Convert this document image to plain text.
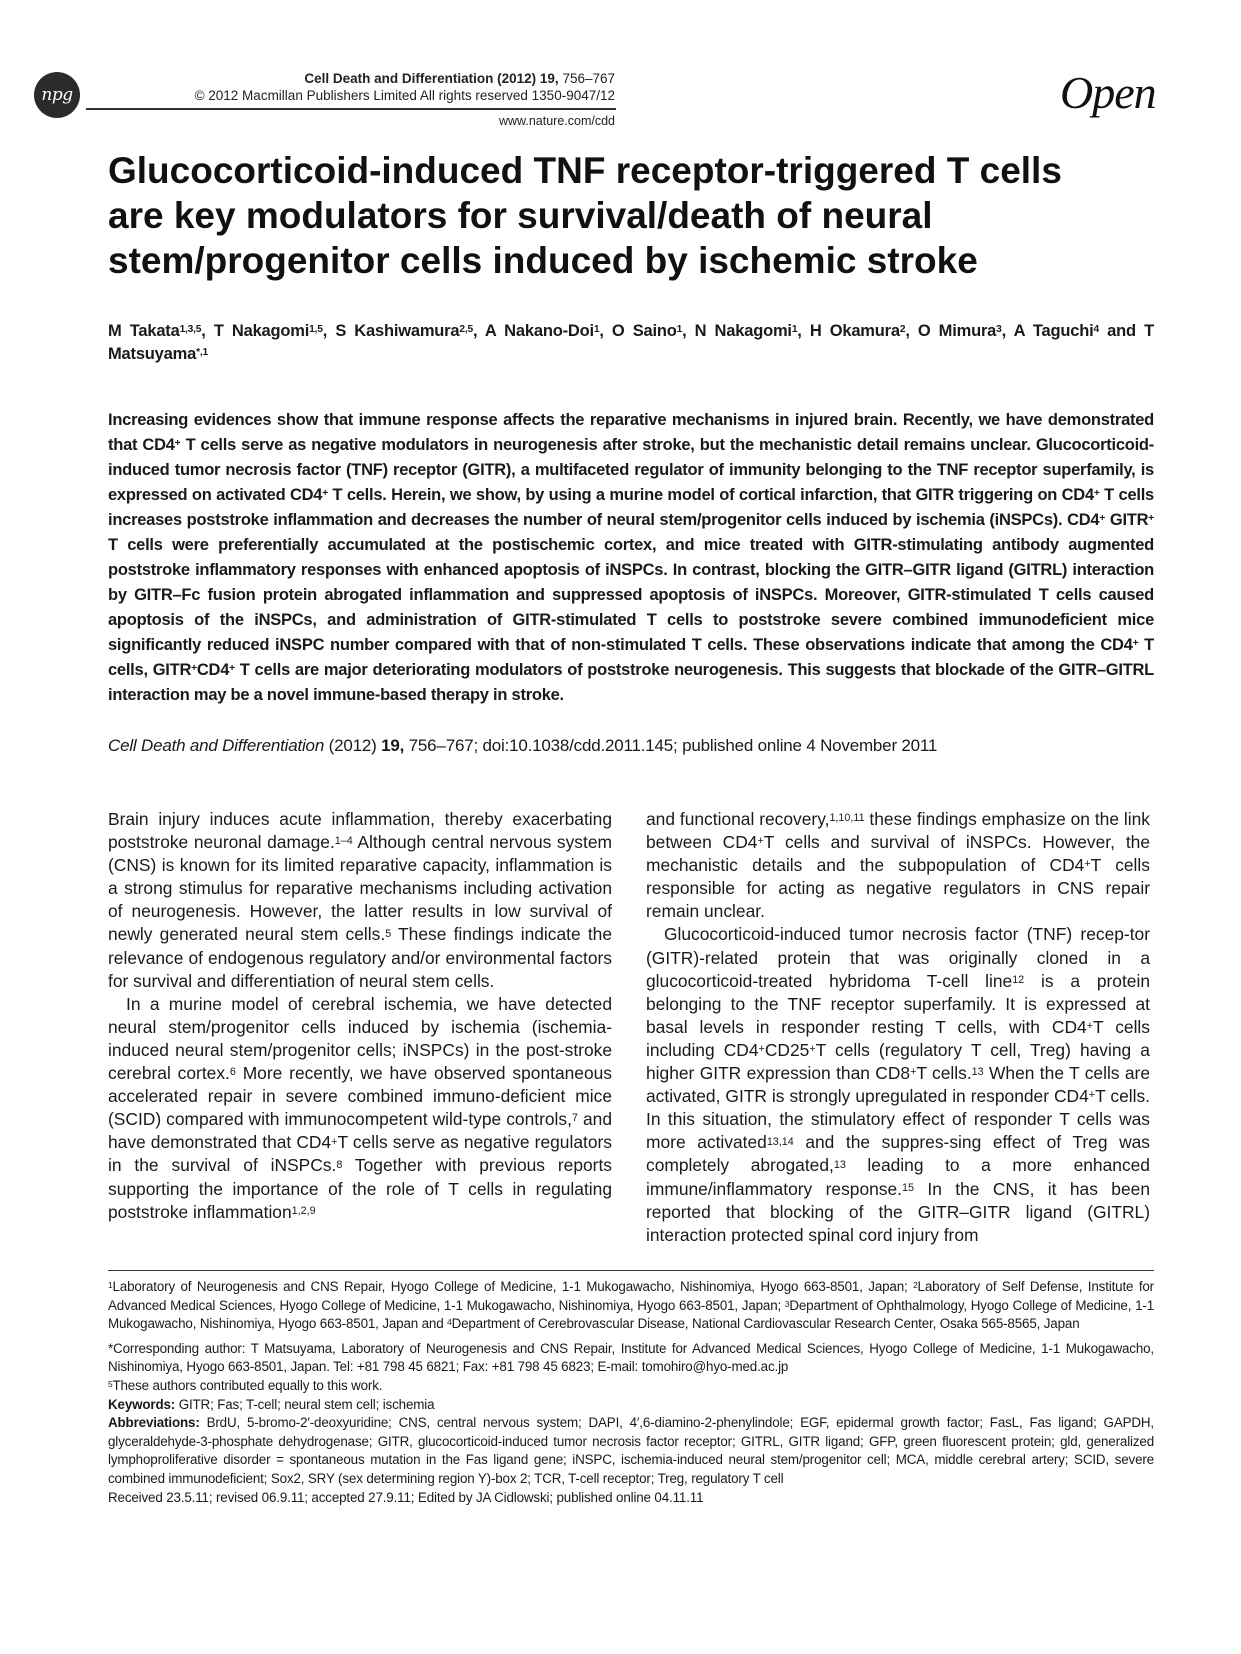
npg
Cell Death and Differentiation (2012) 19, 756–767
© 2012 Macmillan Publishers Limited All rights reserved 1350-9047/12
www.nature.com/cdd
Open
Glucocorticoid-induced TNF receptor-triggered T cells
are key modulators for survival/death of neural
stem/progenitor cells induced by ischemic stroke
M Takata$^{1,3,5}$, T Nakagomi$^{1,5}$, S Kashiwamura$^{2,5}$, A Nakano-Doi$^1$, O Saino$^1$, N Nakagomi$^1$, H Okamura$^2$, O Mimura$^3$, A Taguchi$^4$ and T Matsuyama$^{*,1}$

Increasing evidences show that immune response affects the reparative mechanisms in injured brain. Recently, we have demonstrated that CD4+ T cells serve as negative modulators in neurogenesis after stroke, but the mechanistic detail remains unclear. Glucocorticoid-induced tumor necrosis factor (TNF) receptor (GITR), a multifaceted regulator of immunity belonging to the TNF receptor superfamily, is expressed on activated CD4+ T cells. Herein, we show, by using a murine model of cortical infarction, that GITR triggering on CD4+ T cells increases poststroke inflammation and decreases the number of neural stem/progenitor cells induced by ischemia (iNSPCs). CD4+ GITR+ T cells were preferentially accumulated at the postischemic cortex, and mice treated with GITR-stimulating antibody augmented poststroke inflammatory responses with enhanced apoptosis of iNSPCs. In contrast, blocking the GITR–GITR ligand (GITRL) interaction by GITR–Fc fusion protein abrogated inflammation and suppressed apoptosis of iNSPCs. Moreover, GITR-stimulated T cells caused apoptosis of the iNSPCs, and administration of GITR-stimulated T cells to poststroke severe combined immunodeficient mice significantly reduced iNSPC number compared with that of non-stimulated T cells. These observations indicate that among the CD4+ T cells, GITR+CD4+ T cells are major deteriorating modulators of poststroke neurogenesis. This suggests that blockade of the GITR–GITRL interaction may be a novel immune-based therapy in stroke.

Cell Death and Differentiation (2012) 19, 756–767; doi:10.1038/cdd.2011.145; published online 4 November 2011

Brain injury induces acute inflammation, thereby exacerbating poststroke neuronal damage.$^{1-4}$ Although central nervous system (CNS) is known for its limited reparative capacity, inflammation is a strong stimulus for reparative mechanisms including activation of neurogenesis. However, the latter results in low survival of newly generated neural stem cells.$^5$ These findings indicate the relevance of endogenous regulatory and/or environmental factors for survival and differentiation of neural stem cells.

In a murine model of cerebral ischemia, we have detected neural stem/progenitor cells induced by ischemia (ischemia-induced neural stem/progenitor cells; iNSPCs) in the post-stroke cerebral cortex.$^6$ More recently, we have observed spontaneous accelerated repair in severe combined immuno-deficient mice (SCID) compared with immunocompetent wild-type controls,$^7$ and have demonstrated that CD4+T cells serve as negative regulators in the survival of iNSPCs.$^8$ Together with previous reports supporting the importance of the role of T cells in regulating poststroke inflammation$^{1,2,9}$

and functional recovery,$^{1,10,11}$ these findings emphasize on the link between CD4+T cells and survival of iNSPCs. However, the mechanistic details and the subpopulation of CD4+T cells responsible for acting as negative regulators in CNS repair remain unclear.

Glucocorticoid-induced tumor necrosis factor (TNF) recep-tor (GITR)-related protein that was originally cloned in a glucocorticoid-treated hybridoma T-cell line$^{12}$ is a protein belonging to the TNF receptor superfamily. It is expressed at basal levels in responder resting T cells, with CD4+T cells including CD4+CD25+T cells (regulatory T cell, Treg) having a higher GITR expression than CD8+T cells.$^{13}$ When the T cells are activated, GITR is strongly upregulated in responder CD4+T cells. In this situation, the stimulatory effect of responder T cells was more activated$^{13,14}$ and the suppres-sing effect of Treg was completely abrogated,$^{13}$ leading to a more enhanced immune/inflammatory response.$^{15}$ In the CNS, it has been reported that blocking of the GITR–GITR ligand (GITRL) interaction protected spinal cord injury from

$^1$Laboratory of Neurogenesis and CNS Repair, Hyogo College of Medicine, 1-1 Mukogawacho, Nishinomiya, Hyogo 663-8501, Japan; $^2$Laboratory of Self Defense, Institute for Advanced Medical Sciences, Hyogo College of Medicine, 1-1 Mukogawacho, Nishinomiya, Hyogo 663-8501, Japan; $^3$Department of Ophthalmology, Hyogo College of Medicine, 1-1 Mukogawacho, Nishinomiya, Hyogo 663-8501, Japan and $^4$Department of Cerebrovascular Disease, National Cardiovascular Research Center, Osaka 565-8565, Japan

*Corresponding author: T Matsuyama, Laboratory of Neurogenesis and CNS Repair, Institute for Advanced Medical Sciences, Hyogo College of Medicine, 1-1 Mukogawacho, Nishinomiya, Hyogo 663-8501, Japan. Tel: +81 798 45 6821; Fax: +81 798 45 6823; E-mail: tomohiro@hyo-med.ac.jp

$^5$These authors contributed equally to this work.

Keywords: GITR; Fas; T-cell; neural stem cell; ischemia

Abbreviations: BrdU, 5-bromo-2′-deoxyuridine; CNS, central nervous system; DAPI, 4′,6-diamino-2-phenylindole; EGF, epidermal growth factor; FasL, Fas ligand; GAPDH, glyceraldehyde-3-phosphate dehydrogenase; GITR, glucocorticoid-induced tumor necrosis factor receptor; GITRL, GITR ligand; GFP, green fluorescent protein; gld, generalized lymphoproliferative disorder = spontaneous mutation in the Fas ligand gene; iNSPC, ischemia-induced neural stem/progenitor cell; MCA, middle cerebral artery; SCID, severe combined immunodeficient; Sox2, SRY (sex determining region Y)-box 2; TCR, T-cell receptor; Treg, regulatory T cell

Received 23.5.11; revised 06.9.11; accepted 27.9.11; Edited by JA Cidlowski; published online 04.11.11
